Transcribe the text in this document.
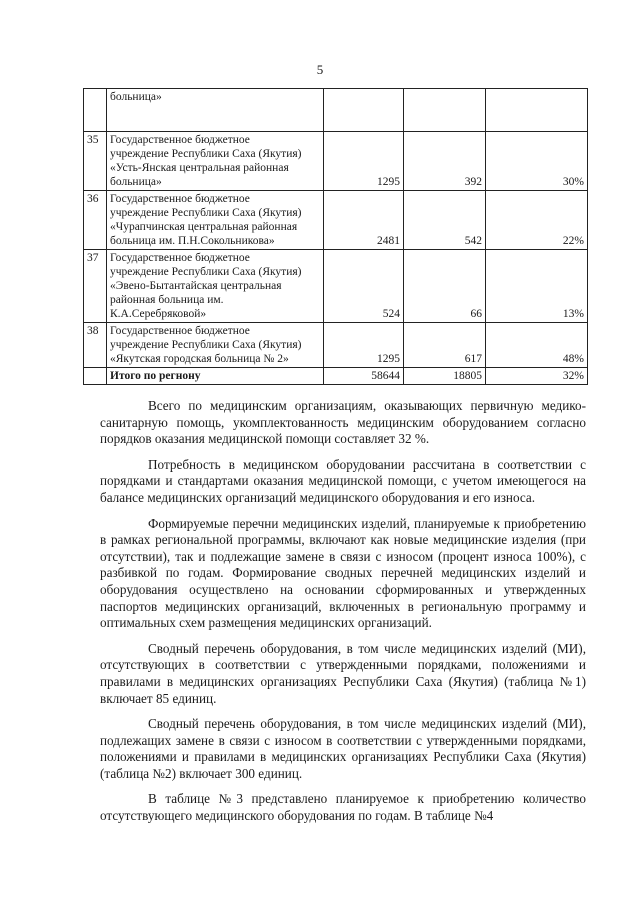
5
	больница»			
35	Государственное бюджетное
учреждение Республики Саха (Якутия)
«Усть-Янская центральная районная
больница»	1295	392	30%
36	Государственное бюджетное
учреждение Республики Саха (Якутия)
«Чурапчинская центральная районная
больница им. П.Н.Сокольникова»	2481	542	22%
37	Государственное бюджетное
учреждение Республики Саха (Якутия)
«Эвено-Бытантайская центральная
районная больница им.
К.А.Серебряковой»	524	66	13%
38	Государственное бюджетное
учреждение Республики Саха (Якутия)
«Якутская городская больница № 2»	1295	617	48%
	Итого по регнону	58644	18805	32%

Всего по медицинским организациям, оказывающих первичную медико-санитарную помощь, укомплектованность медицинским оборудованием согласно порядков оказания медицинской помощи составляет 32 %.

Потребность в медицинском оборудовании рассчитана в соответствии с порядками и стандартами оказания медицинской помощи, с учетом имеющегося на балансе медицинских организаций медицинского оборудования и его износа.

Формируемые перечни медицинских изделий, планируемые к приобретению в рамках региональной программы, включают как новые медицинские изделия (при отсутствии), так и подлежащие замене в связи с износом (процент износа 100%), с разбивкой по годам. Формирование сводных перечней медицинских изделий и оборудования осуществлено на основании сформированных и утвержденных паспортов медицинских организаций, включенных в региональную программу и оптимальных схем размещения медицинских организаций.

Сводный перечень оборудования, в том числе медицинских изделий (МИ), отсутствующих в соответствии с утвержденными порядками, положениями и правилами в медицинских организациях Республики Саха (Якутия) (таблица №1) включает 85 единиц.

Сводный перечень оборудования, в том числе медицинских изделий (МИ), подлежащих замене в связи с износом в соответствии с утвержденными порядками, положениями и правилами в медицинских организациях Республики Саха (Якутия) (таблица №2) включает 300 единиц.

В таблице №3 представлено планируемое к приобретению количество отсутствующего медицинского оборудования по годам. В таблице №4
